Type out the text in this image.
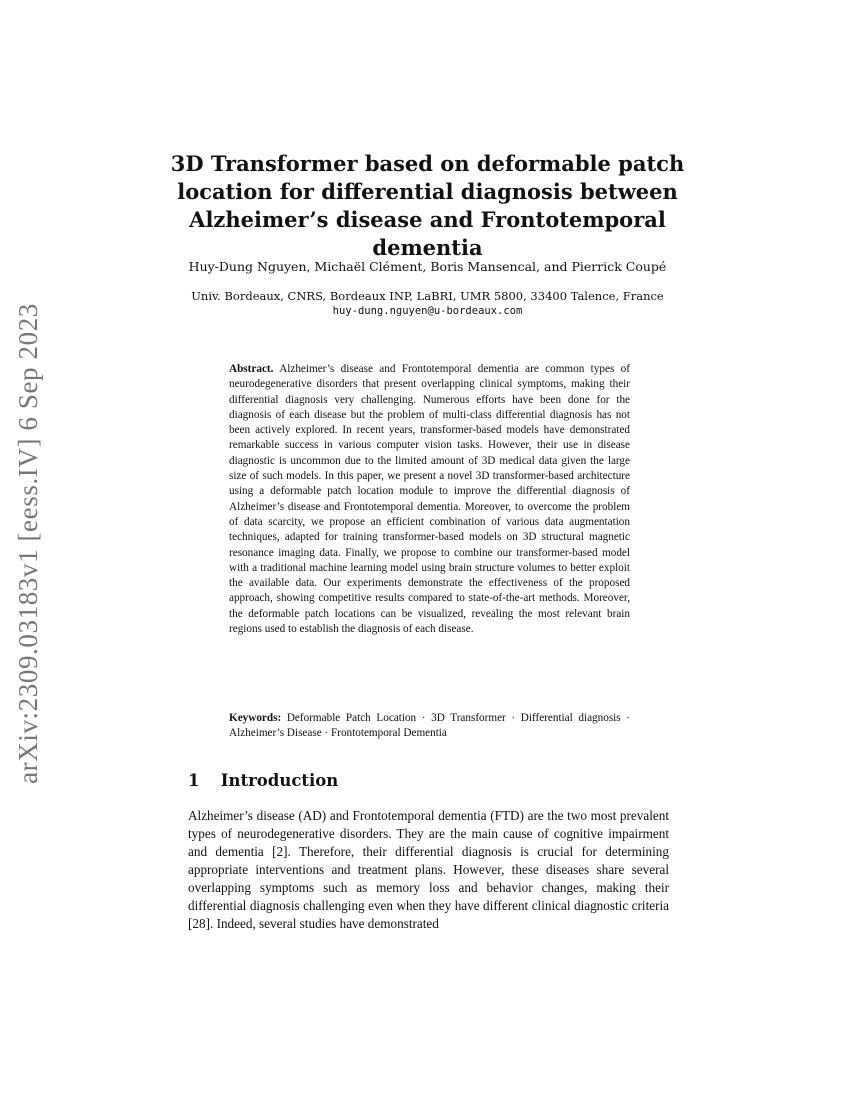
arXiv:2309.03183v1 [eess.IV] 6 Sep 2023
3D Transformer based on deformable patch
location for differential diagnosis between
Alzheimer’s disease and Frontotemporal dementia
Huy-Dung Nguyen, Michaël Clément, Boris Mansencal, and Pierrick Coupé
Univ. Bordeaux, CNRS, Bordeaux INP, LaBRI, UMR 5800, 33400 Talence, France
huy-dung.nguyen@u-bordeaux.com
Abstract. Alzheimer’s disease and Frontotemporal dementia are common types of neurodegenerative disorders that present overlapping clinical symptoms, making their differential diagnosis very challenging. Numerous efforts have been done for the diagnosis of each disease but the problem of multi-class differential diagnosis has not been actively explored. In recent years, transformer-based models have demonstrated remarkable success in various computer vision tasks. However, their use in disease diagnostic is uncommon due to the limited amount of 3D medical data given the large size of such models. In this paper, we present a novel 3D transformer-based architecture using a deformable patch location module to improve the differential diagnosis of Alzheimer’s disease and Frontotemporal dementia. Moreover, to overcome the problem of data scarcity, we propose an efficient combination of various data augmentation techniques, adapted for training transformer-based models on 3D structural magnetic resonance imaging data. Finally, we propose to combine our transformer-based model with a traditional machine learning model using brain structure volumes to better exploit the available data. Our experiments demonstrate the effectiveness of the proposed approach, showing competitive results compared to state-of-the-art methods. Moreover, the deformable patch locations can be visualized, revealing the most relevant brain regions used to establish the diagnosis of each disease.
Keywords: Deformable Patch Location · 3D Transformer · Differential diagnosis · Alzheimer’s Disease · Frontotemporal Dementia
1 Introduction
Alzheimer’s disease (AD) and Frontotemporal dementia (FTD) are the two most prevalent types of neurodegenerative disorders. They are the main cause of cognitive impairment and dementia [2]. Therefore, their differential diagnosis is crucial for determining appropriate interventions and treatment plans. However, these diseases share several overlapping symptoms such as memory loss and behavior changes, making their differential diagnosis challenging even when they have different clinical diagnostic criteria [28]. Indeed, several studies have demonstrated
